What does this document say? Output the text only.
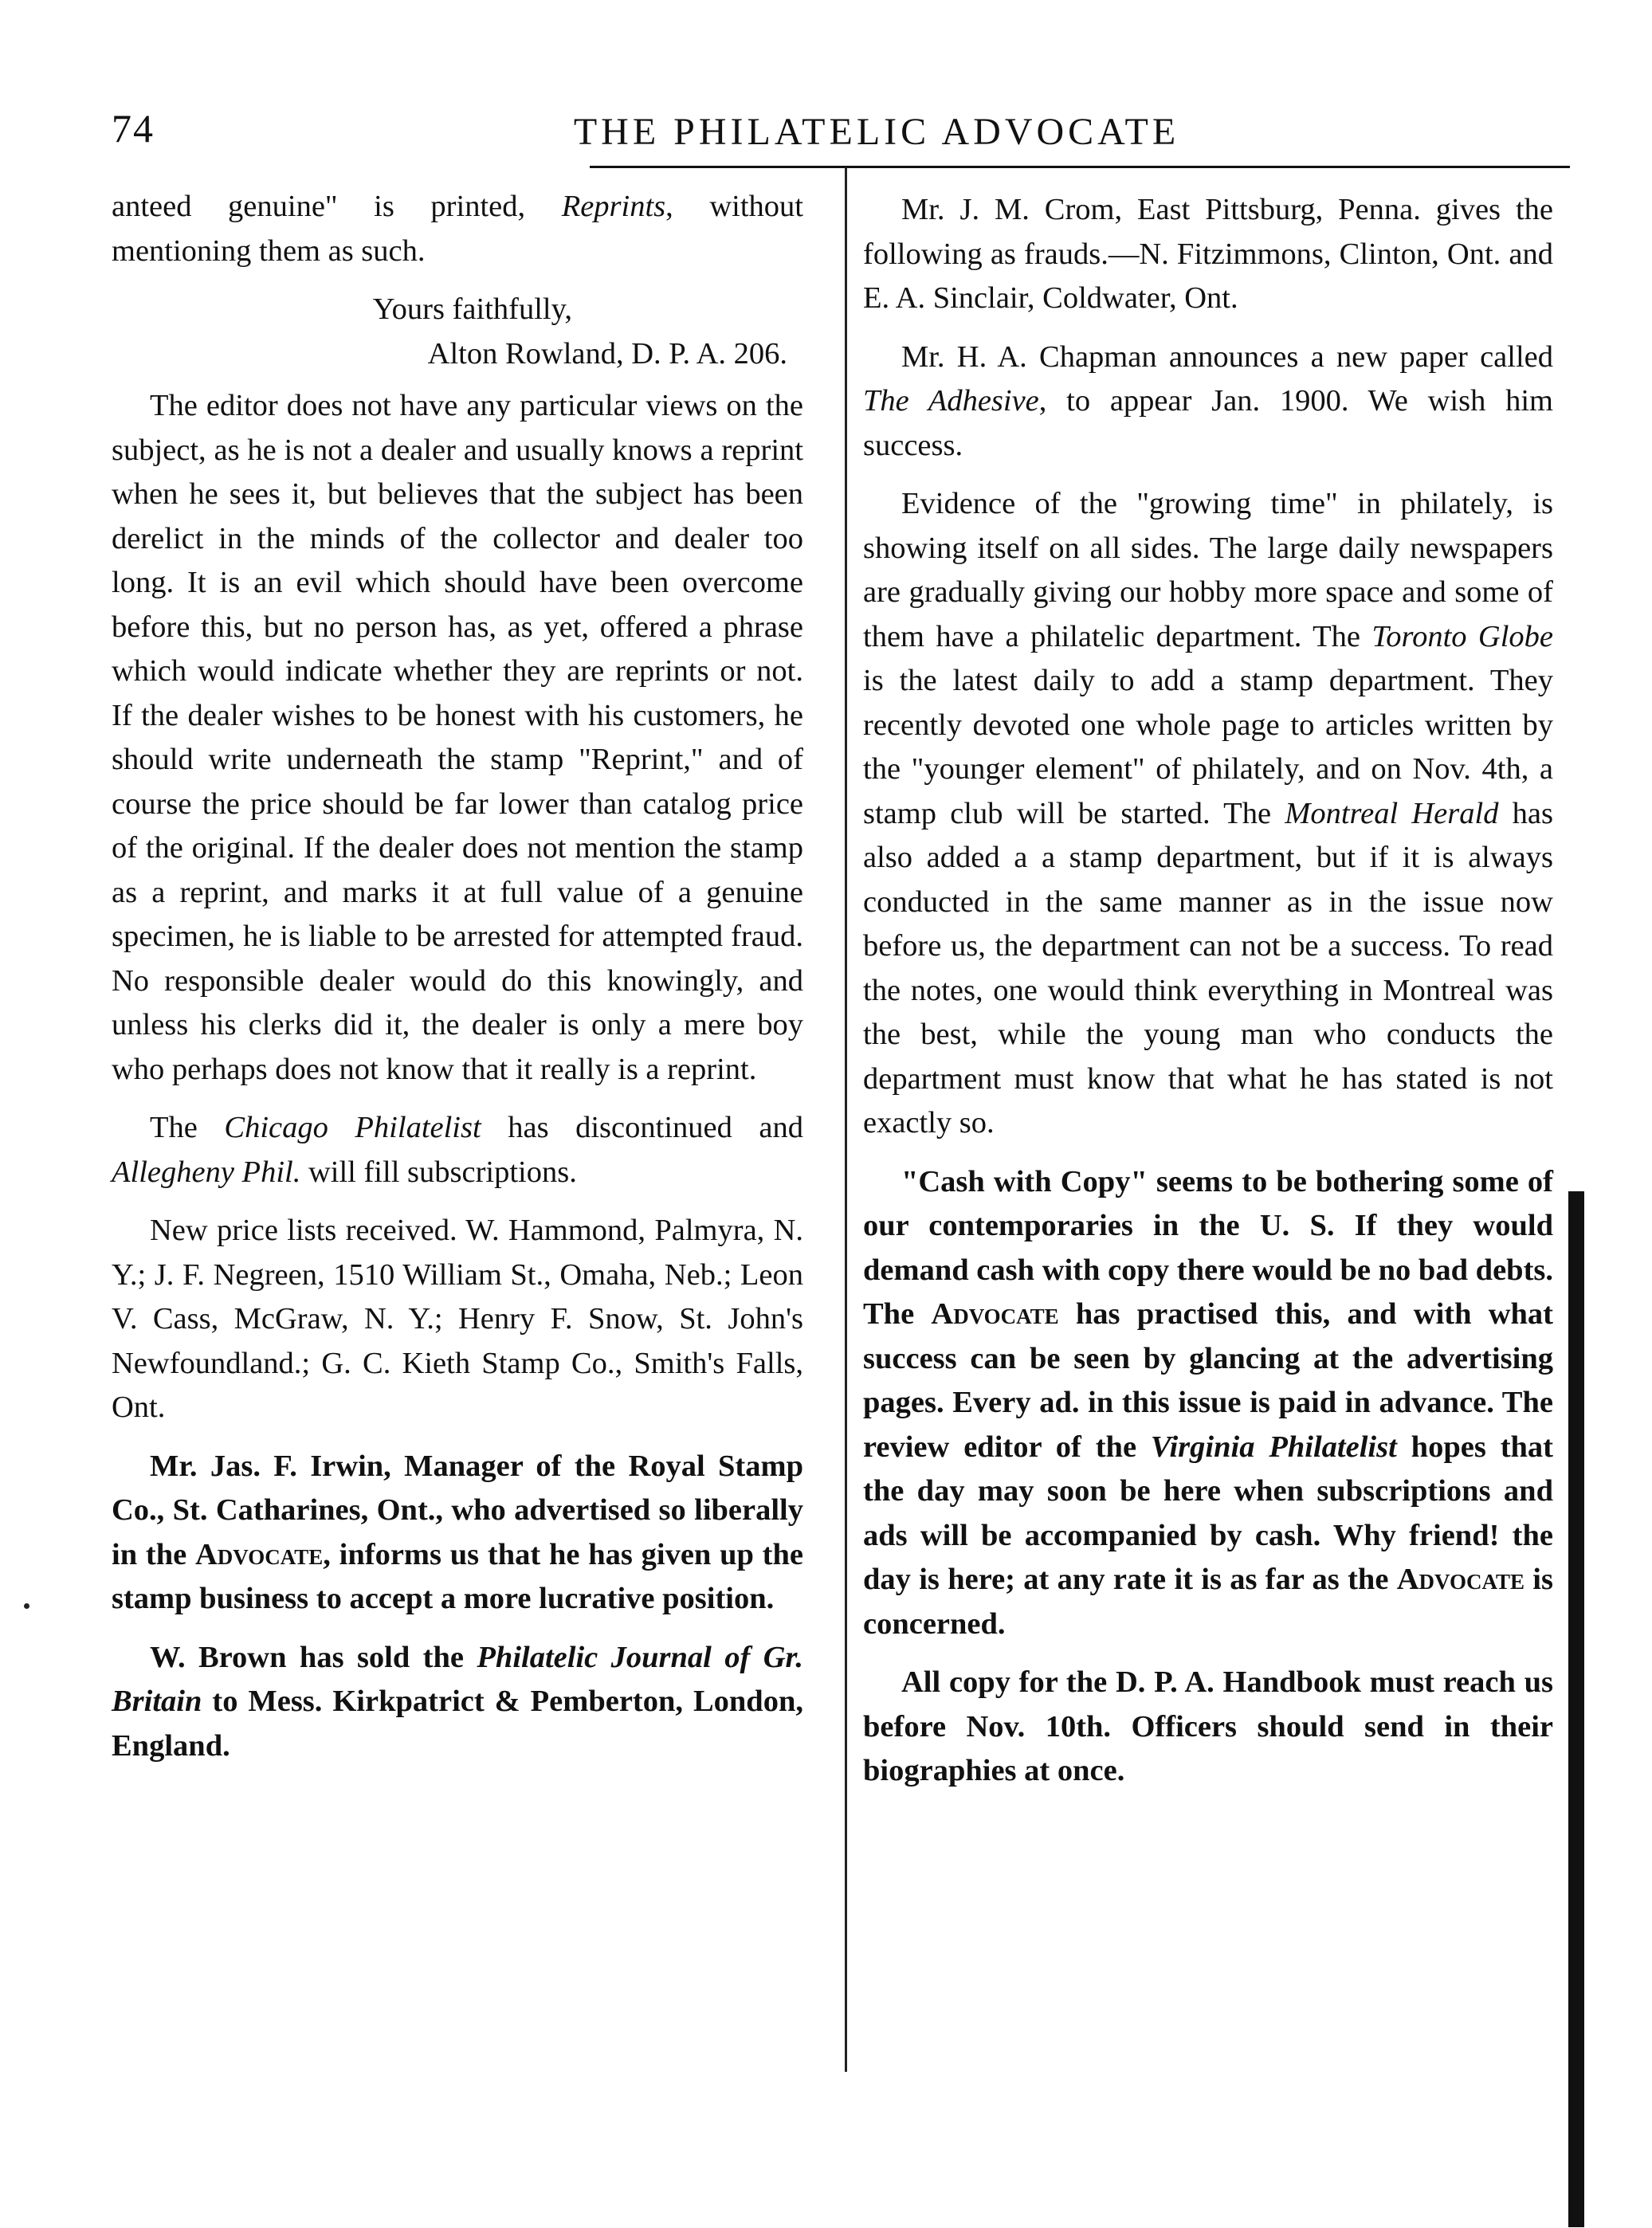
74	THE PHILATELIC ADVOCATE

anteed genuine" is printed, Reprints, without mentioning them as such.

Yours faithfully,

Alton Rowland, D. P. A. 206.

The editor does not have any particular views on the subject, as he is not a dealer and usually knows a reprint when he sees it, but believes that the subject has been derelict in the minds of the collector and dealer too long. It is an evil which should have been overcome before this, but no person has, as yet, offered a phrase which would indicate whether they are reprints or not. If the dealer wishes to be honest with his customers, he should write underneath the stamp "Reprint," and of course the price should be far lower than catalog price of the original. If the dealer does not mention the stamp as a reprint, and marks it at full value of a genuine specimen, he is liable to be arrested for attempted fraud. No responsible dealer would do this knowingly, and unless his clerks did it, the dealer is only a mere boy who perhaps does not know that it really is a reprint.

The Chicago Philatelist has discontinued and Allegheny Phil. will fill subscriptions.

New price lists received. W. Hammond, Palmyra, N. Y.; J. F. Negreen, 1510 William St., Omaha, Neb.; Leon V. Cass, McGraw, N. Y.; Henry F. Snow, St. John's Newfoundland.; G. C. Kieth Stamp Co., Smith's Falls, Ont.

Mr. Jas. F. Irwin, Manager of the Royal Stamp Co., St. Catharines, Ont., who advertised so liberally in the Advocate, informs us that he has given up the stamp business to accept a more lucrative position.

W. Brown has sold the Philatelic Journal of Gr. Britain to Mess. Kirkpatrict & Pemberton, London, England.

Mr. J. M. Crom, East Pittsburg, Penna. gives the following as frauds.—N. Fitzimmons, Clinton, Ont. and E. A. Sinclair, Coldwater, Ont.

Mr. H. A. Chapman announces a new paper called The Adhesive, to appear Jan. 1900. We wish him success.

Evidence of the "growing time" in philately, is showing itself on all sides. The large daily newspapers are gradually giving our hobby more space and some of them have a philatelic department. The Toronto Globe is the latest daily to add a stamp department. They recently devoted one whole page to articles written by the "younger element" of philately, and on Nov. 4th, a stamp club will be started. The Montreal Herald has also added a a stamp department, but if it is always conducted in the same manner as in the issue now before us, the department can not be a success. To read the notes, one would think everything in Montreal was the best, while the young man who conducts the department must know that what he has stated is not exactly so.

"Cash with Copy" seems to be bothering some of our contemporaries in the U. S. If they would demand cash with copy there would be no bad debts. The Advocate has practised this, and with what success can be seen by glancing at the advertising pages. Every ad. in this issue is paid in advance. The review editor of the Virginia Philatelist hopes that the day may soon be here when subscriptions and ads will be accompanied by cash. Why friend! the day is here; at any rate it is as far as the Advocate is concerned.

All copy for the D. P. A. Handbook must reach us before Nov. 10th. Officers should send in their biographies at once.
